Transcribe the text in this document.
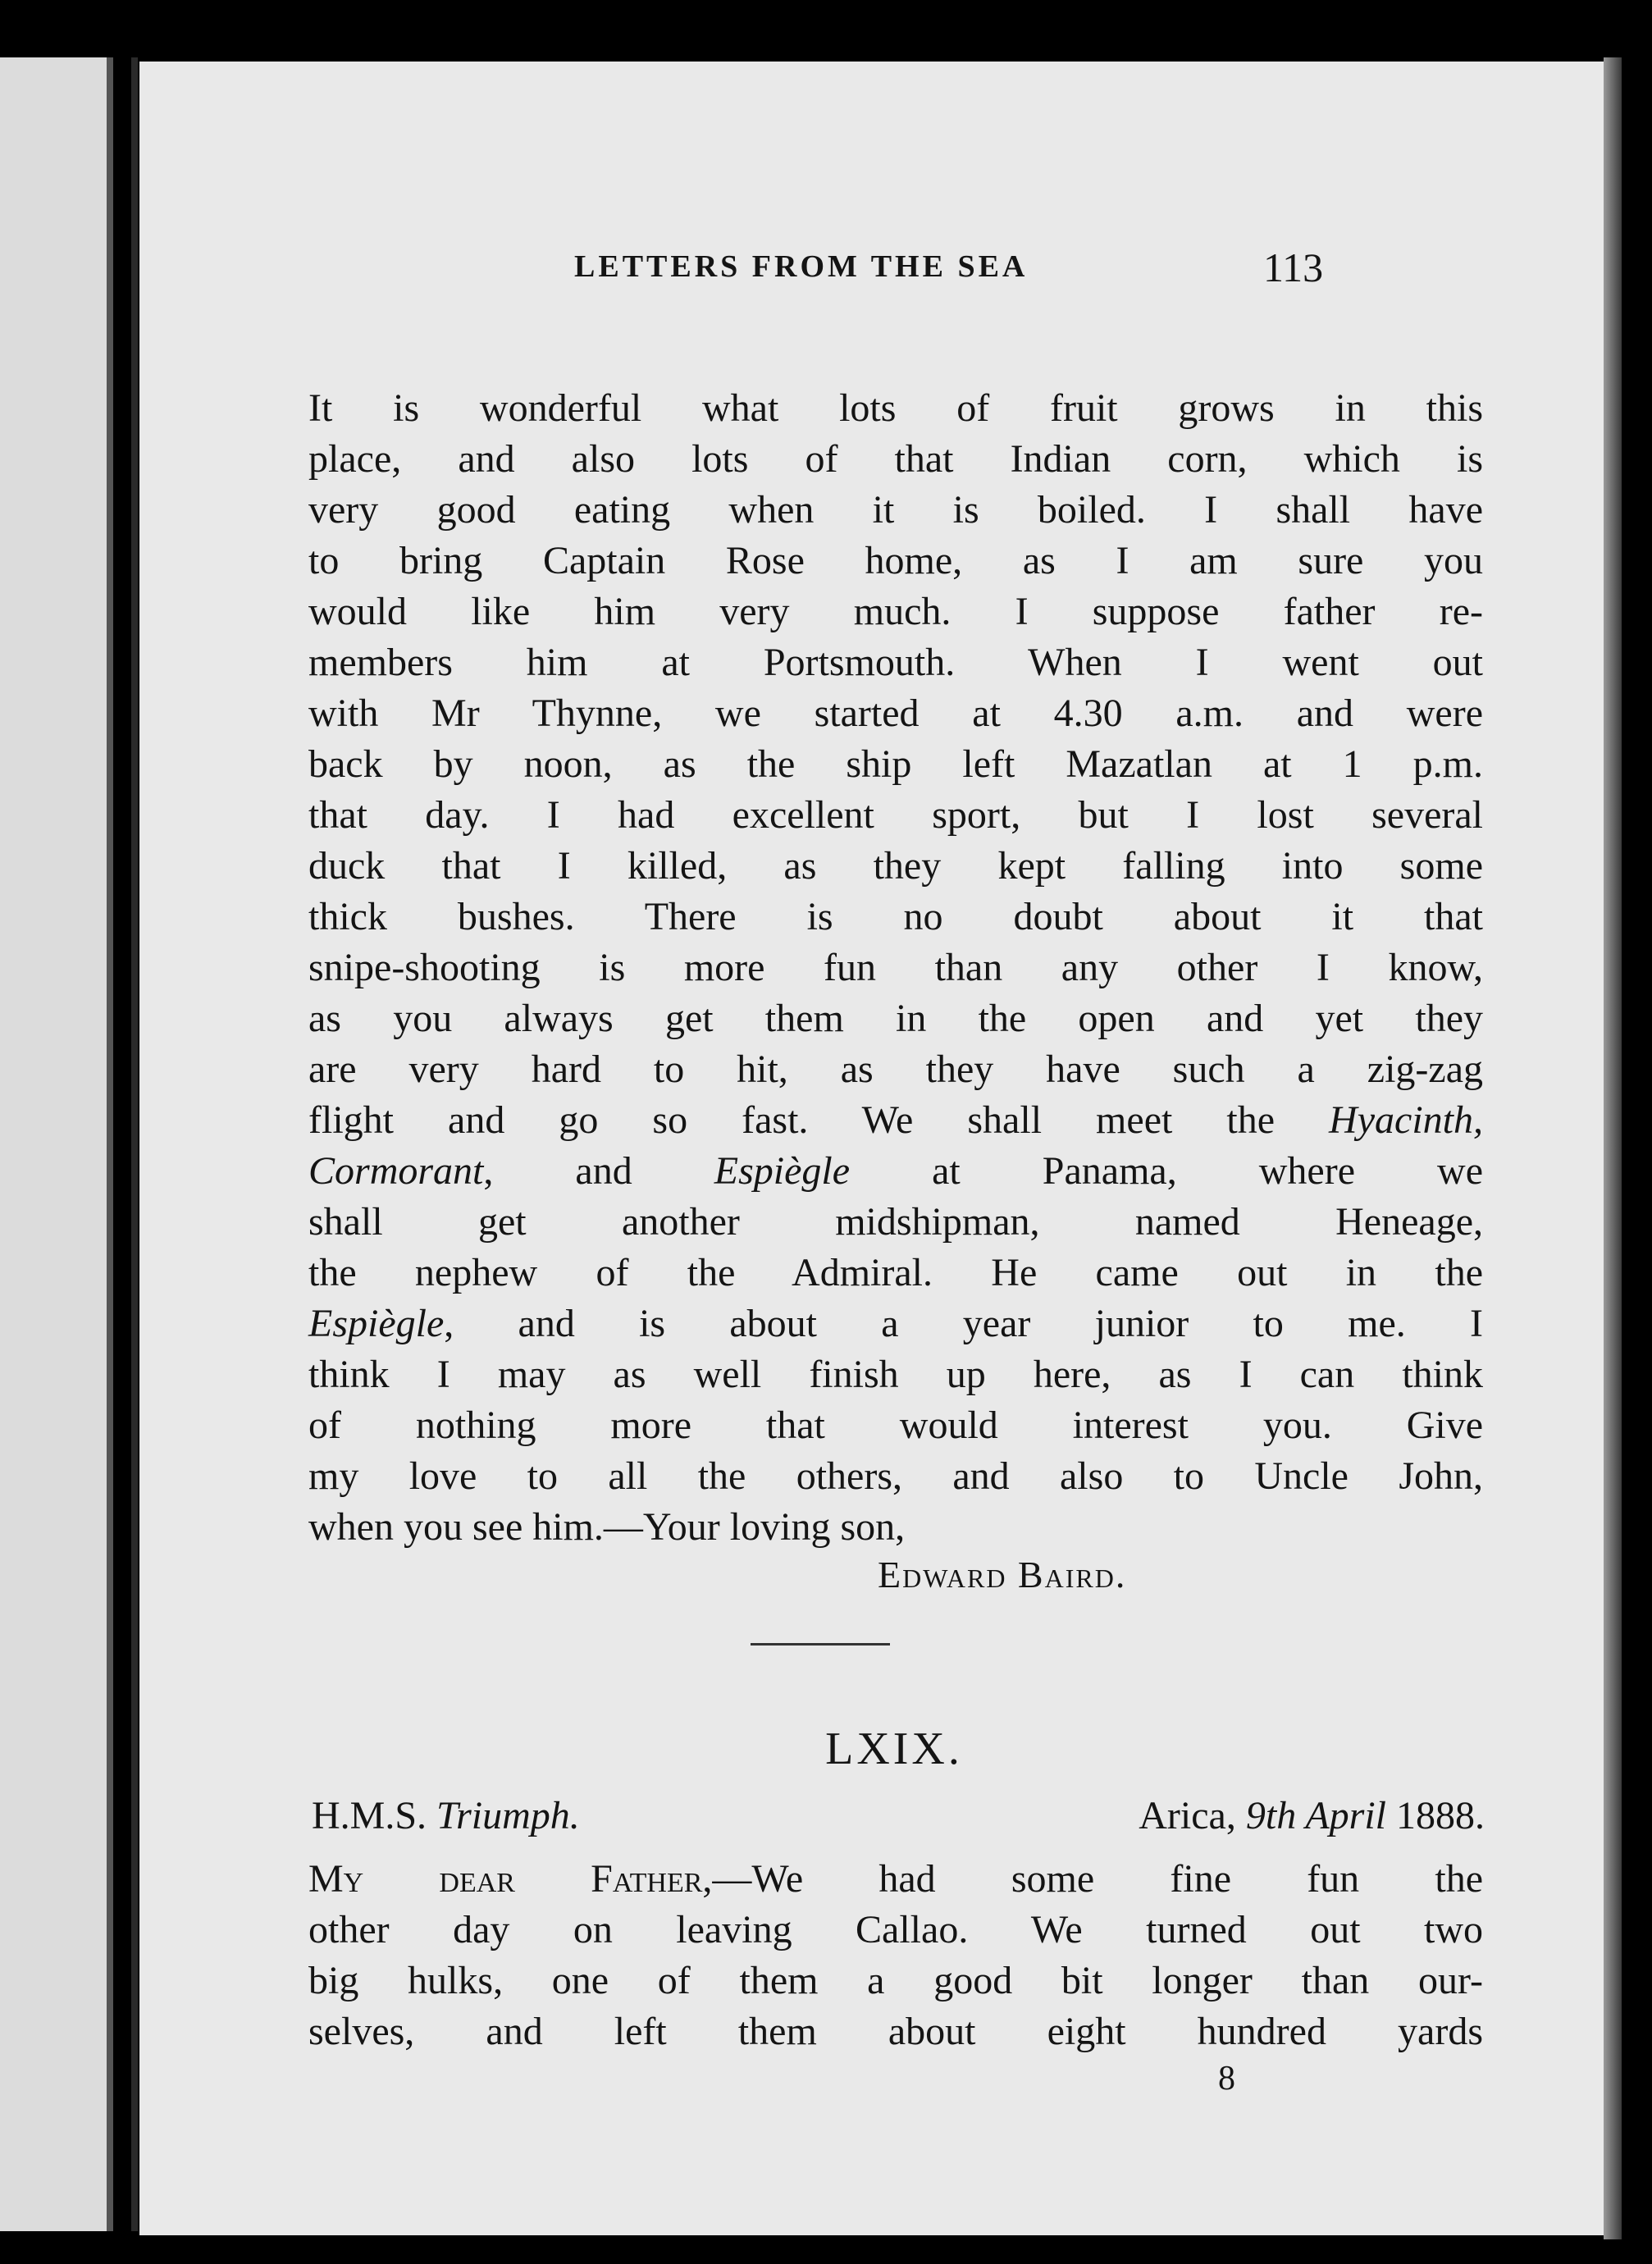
LETTERS FROM THE SEA	113
It is wonderful what lots of fruit grows in this
place, and also lots of that Indian corn, which is
very good eating when it is boiled. I shall have
to bring Captain Rose home, as I am sure you
would like him very much. I suppose father re-
members him at Portsmouth. When I went out
with Mr Thynne, we started at 4.30 a.m. and were
back by noon, as the ship left Mazatlan at 1 p.m.
that day. I had excellent sport, but I lost several
duck that I killed, as they kept falling into some
thick bushes. There is no doubt about it that
snipe-shooting is more fun than any other I know,
as you always get them in the open and yet they
are very hard to hit, as they have such a zig-zag
flight and go so fast. We shall meet the Hyacinth,
Cormorant, and Espiègle at Panama, where we
shall get another midshipman, named Heneage,
the nephew of the Admiral. He came out in the
Espiègle, and is about a year junior to me. I
think I may as well finish up here, as I can think
of nothing more that would interest you. Give
my love to all the others, and also to Uncle John,
when you see him.—Your loving son,
Edward Baird.
LXIX.
H.M.S. Triumph.	Arica, 9th April 1888.
My dear Father,—We had some fine fun the
other day on leaving Callao. We turned out two
big hulks, one of them a good bit longer than our-
selves, and left them about eight hundred yards
8
